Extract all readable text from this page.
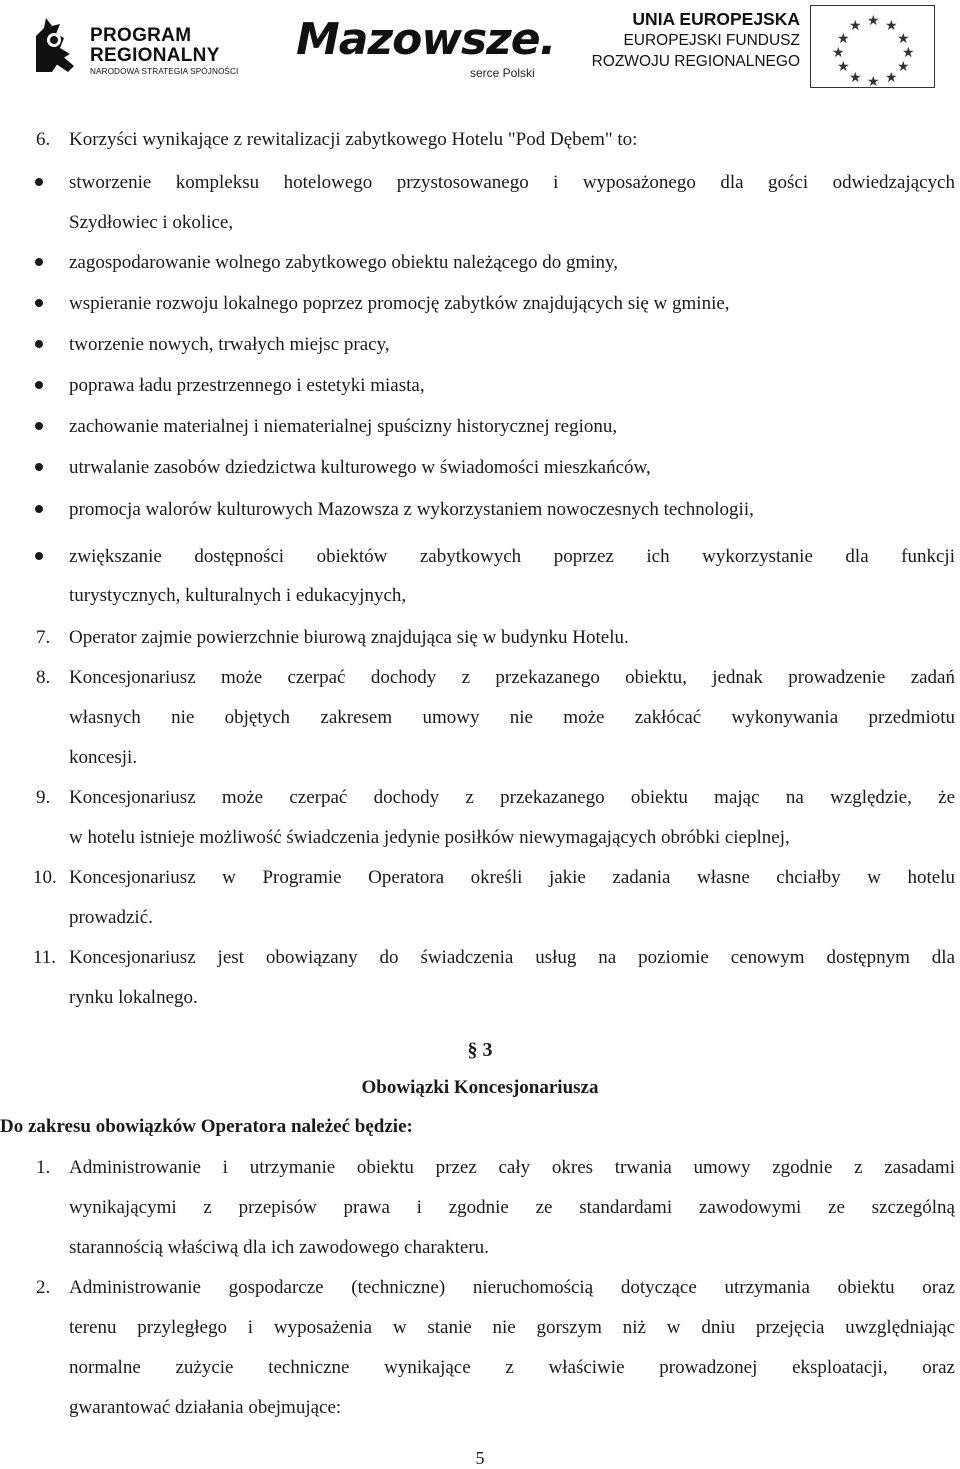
PROGRAM
REGIONALNY
NARODOWA STRATEGIA SPÓJNOŚCI
Mazowsze.
serce Polski
UNIA EUROPEJSKA
EUROPEJSKI FUNDUSZ
ROZWOJU REGIONALNEGO
★ ★
★
★
★
★
★
★
★
★
★
★
6. Korzyści wynikające z rewitalizacji zabytkowego Hotelu "Pod Dębem" to:
stworzenie kompleksu hotelowego przystosowanego i wyposażonego dla gości odwiedzających
Szydłowiec i okolice,
zagospodarowanie wolnego zabytkowego obiektu należącego do gminy,
wspieranie rozwoju lokalnego poprzez promocję zabytków znajdujących się w gminie,
tworzenie nowych, trwałych miejsc pracy,
poprawa ładu przestrzennego i estetyki miasta,
zachowanie materialnej i niematerialnej spuścizny historycznej regionu,
utrwalanie zasobów dziedzictwa kulturowego w świadomości mieszkańców,
promocja walorów kulturowych Mazowsza z wykorzystaniem nowoczesnych technologii,
zwiększanie dostępności obiektów zabytkowych poprzez ich wykorzystanie dla funkcji
turystycznych, kulturalnych i edukacyjnych,
7. Operator zajmie powierzchnie biurową znajdująca się w budynku Hotelu.
8. Koncesjonariusz może czerpać dochody z przekazanego obiektu, jednak prowadzenie zadań
własnych nie objętych zakresem umowy nie może zakłócać wykonywania przedmiotu
koncesji.
9. Koncesjonariusz może czerpać dochody z przekazanego obiektu mając na względzie, że
w hotelu istnieje możliwość świadczenia jedynie posiłków niewymagających obróbki cieplnej,
10. Koncesjonariusz w Programie Operatora określi jakie zadania własne chciałby w hotelu
prowadzić.
11. Koncesjonariusz jest obowiązany do świadczenia usług na poziomie cenowym dostępnym dla
rynku lokalnego.
§ 3
Obowiązki Koncesjonariusza
Do zakresu obowiązków Operatora należeć będzie:
1. Administrowanie i utrzymanie obiektu przez cały okres trwania umowy zgodnie z zasadami
wynikającymi z przepisów prawa i zgodnie ze standardami zawodowymi ze szczególną
starannością właściwą dla ich zawodowego charakteru.
2. Administrowanie gospodarcze (techniczne) nieruchomością dotyczące utrzymania obiektu oraz
terenu przyległego i wyposażenia w stanie nie gorszym niż w dniu przejęcia uwzględniając
normalne zużycie techniczne wynikające z właściwie prowadzonej eksploatacji, oraz
gwarantować działania obejmujące:
5
